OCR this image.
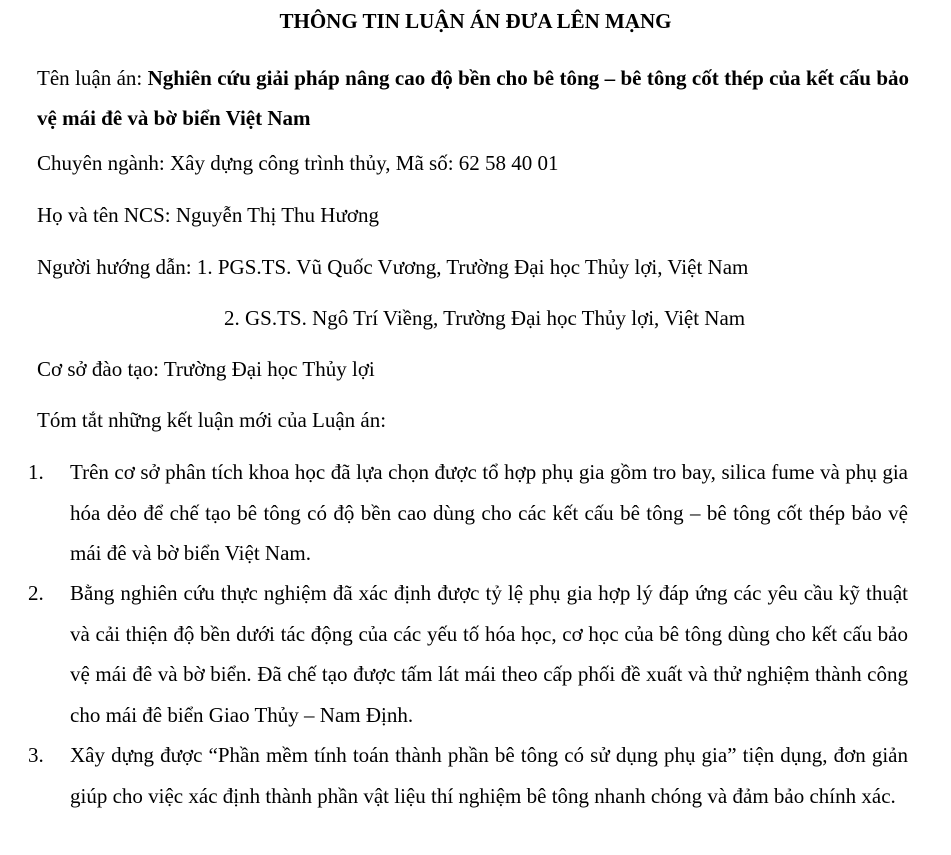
THÔNG TIN LUẬN ÁN ĐƯA LÊN MẠNG
Tên luận án: Nghiên cứu giải pháp nâng cao độ bền cho bê tông – bê tông cốt thép của kết cấu bảo vệ mái đê và bờ biển Việt Nam
Chuyên ngành: Xây dựng công trình thủy, Mã số: 62 58 40 01
Họ và tên NCS: Nguyễn Thị Thu Hương
Người hướng dẫn: 1. PGS.TS. Vũ Quốc Vương, Trường Đại học Thủy lợi, Việt Nam
2. GS.TS. Ngô Trí Viềng, Trường Đại học Thủy lợi, Việt Nam
Cơ sở đào tạo: Trường Đại học Thủy lợi
Tóm tắt những kết luận mới của Luận án:
1. Trên cơ sở phân tích khoa học đã lựa chọn được tổ hợp phụ gia gồm tro bay, silica fume và phụ gia hóa dẻo để chế tạo bê tông có độ bền cao dùng cho các kết cấu bê tông – bê tông cốt thép bảo vệ mái đê và bờ biển Việt Nam.
2. Bằng nghiên cứu thực nghiệm đã xác định được tỷ lệ phụ gia hợp lý đáp ứng các yêu cầu kỹ thuật và cải thiện độ bền dưới tác động của các yếu tố hóa học, cơ học của bê tông dùng cho kết cấu bảo vệ mái đê và bờ biển. Đã chế tạo được tấm lát mái theo cấp phối đề xuất và thử nghiệm thành công cho mái đê biển Giao Thủy – Nam Định.
3. Xây dựng được “Phần mềm tính toán thành phần bê tông có sử dụng phụ gia” tiện dụng, đơn giản giúp cho việc xác định thành phần vật liệu thí nghiệm bê tông nhanh chóng và đảm bảo chính xác.
